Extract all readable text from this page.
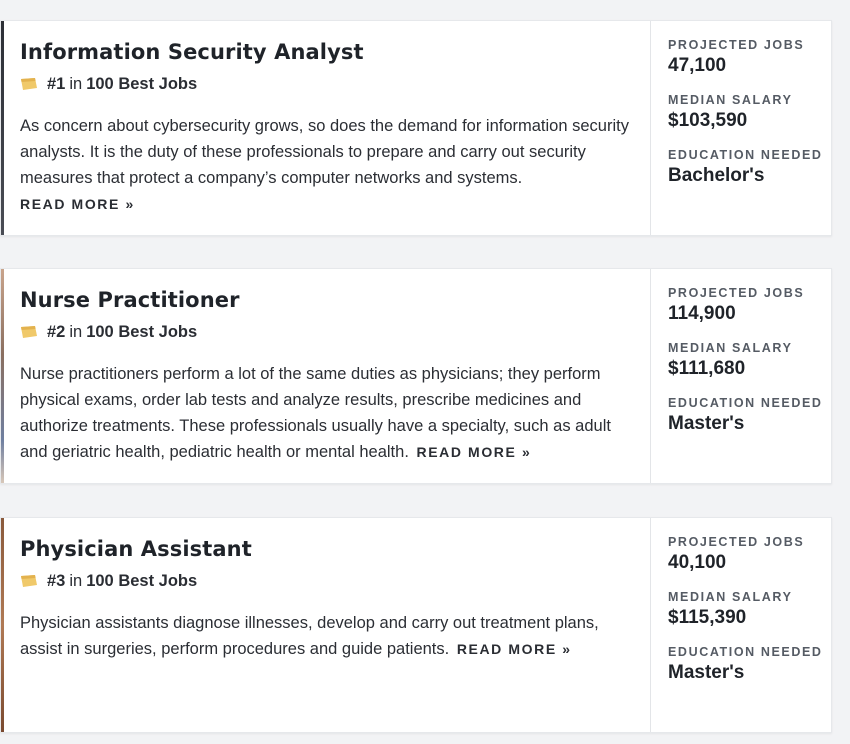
Information Security Analyst
#1 in 100 Best Jobs
As concern about cybersecurity grows, so does the demand for information security analysts. It is the duty of these professionals to prepare and carry out security measures that protect a company’s computer networks and systems.
READ MORE »
PROJECTED JOBS
47,100
MEDIAN SALARY
$103,590
EDUCATION NEEDED
Bachelor's
Nurse Practitioner
#2 in 100 Best Jobs
Nurse practitioners perform a lot of the same duties as physicians; they perform physical exams, order lab tests and analyze results, prescribe medicines and authorize treatments. These professionals usually have a specialty, such as adult and geriatric health, pediatric health or mental health. READ MORE »
PROJECTED JOBS
114,900
MEDIAN SALARY
$111,680
EDUCATION NEEDED
Master's
Physician Assistant
#3 in 100 Best Jobs
Physician assistants diagnose illnesses, develop and carry out treatment plans, assist in surgeries, perform procedures and guide patients. READ MORE »
PROJECTED JOBS
40,100
MEDIAN SALARY
$115,390
EDUCATION NEEDED
Master's
